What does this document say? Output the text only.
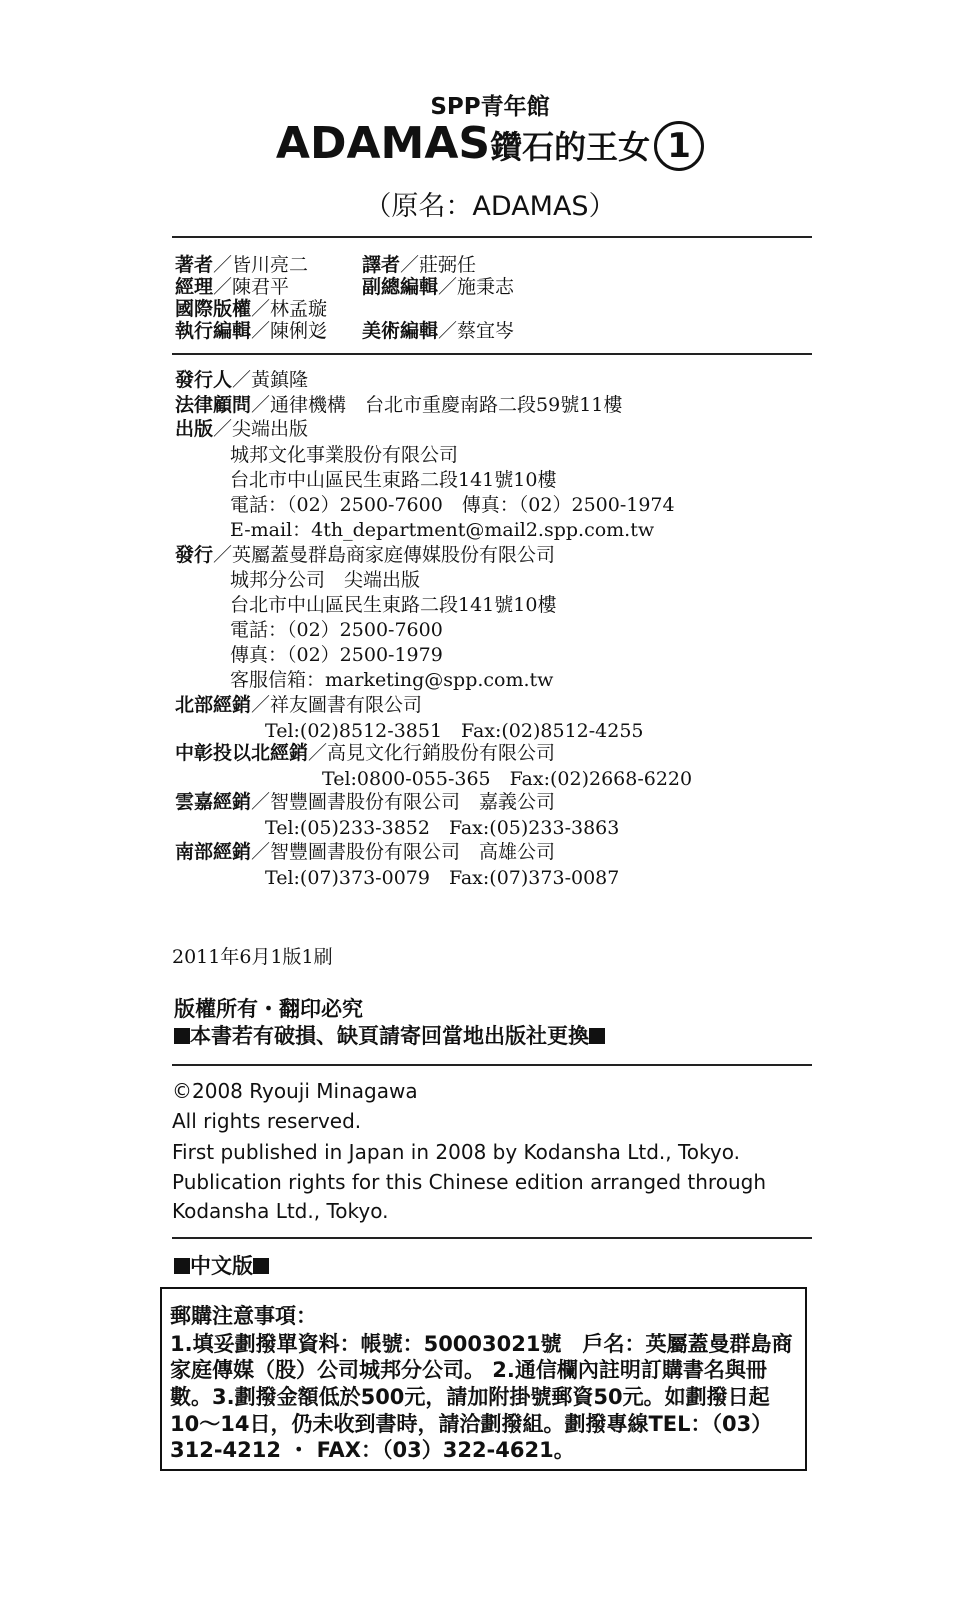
SPP青年館
ADAMAS鑽石的王女 1
（原名：ADAMAS）
著者／皆川亮二	譯者／莊弼任
經理／陳君平	副總編輯／施秉志
國際版權／林孟璇
執行編輯／陳俐彣 美術編輯／蔡宜岑
發行人／黃鎮隆
法律顧問／通律機構　台北市重慶南路二段59號11樓
出版／尖端出版
城邦文化事業股份有限公司
台北市中山區民生東路二段141號10樓
電話：（02）2500-7600　傳真：（02）2500-1974
E-mail：4th_department@mail2.spp.com.tw
發行／英屬蓋曼群島商家庭傳媒股份有限公司
城邦分公司　尖端出版
台北市中山區民生東路二段141號10樓
電話：（02）2500-7600
傳真：（02）2500-1979
客服信箱：marketing@spp.com.tw
北部經銷／祥友圖書有限公司
Tel:(02)8512-3851　Fax:(02)8512-4255
中彰投以北經銷／高見文化行銷股份有限公司
Tel:0800-055-365　Fax:(02)2668-6220
雲嘉經銷／智豐圖書股份有限公司　嘉義公司
Tel:(05)233-3852　Fax:(05)233-3863
南部經銷／智豐圖書股份有限公司　高雄公司
Tel:(07)373-0079　Fax:(07)373-0087
2011年6月1版1刷
版權所有・翻印必究
本書若有破損、缺頁請寄回當地出版社更換
©2008 Ryouji Minagawa
All rights reserved.
First published in Japan in 2008 by Kodansha Ltd., Tokyo.
Publication rights for this Chinese edition arranged through
Kodansha Ltd., Tokyo.
中文版
郵購注意事項：
1.填妥劃撥單資料：帳號：50003021號　戶名：英屬蓋曼群島商
家庭傳媒（股）公司城邦分公司。 2.通信欄內註明訂購書名與冊
數。3.劃撥金額低於500元，請加附掛號郵資50元。如劃撥日起
10～14日，仍未收到書時，請洽劃撥組。劃撥專線TEL：（03）
312-4212 ・ FAX：（03）322-4621。
